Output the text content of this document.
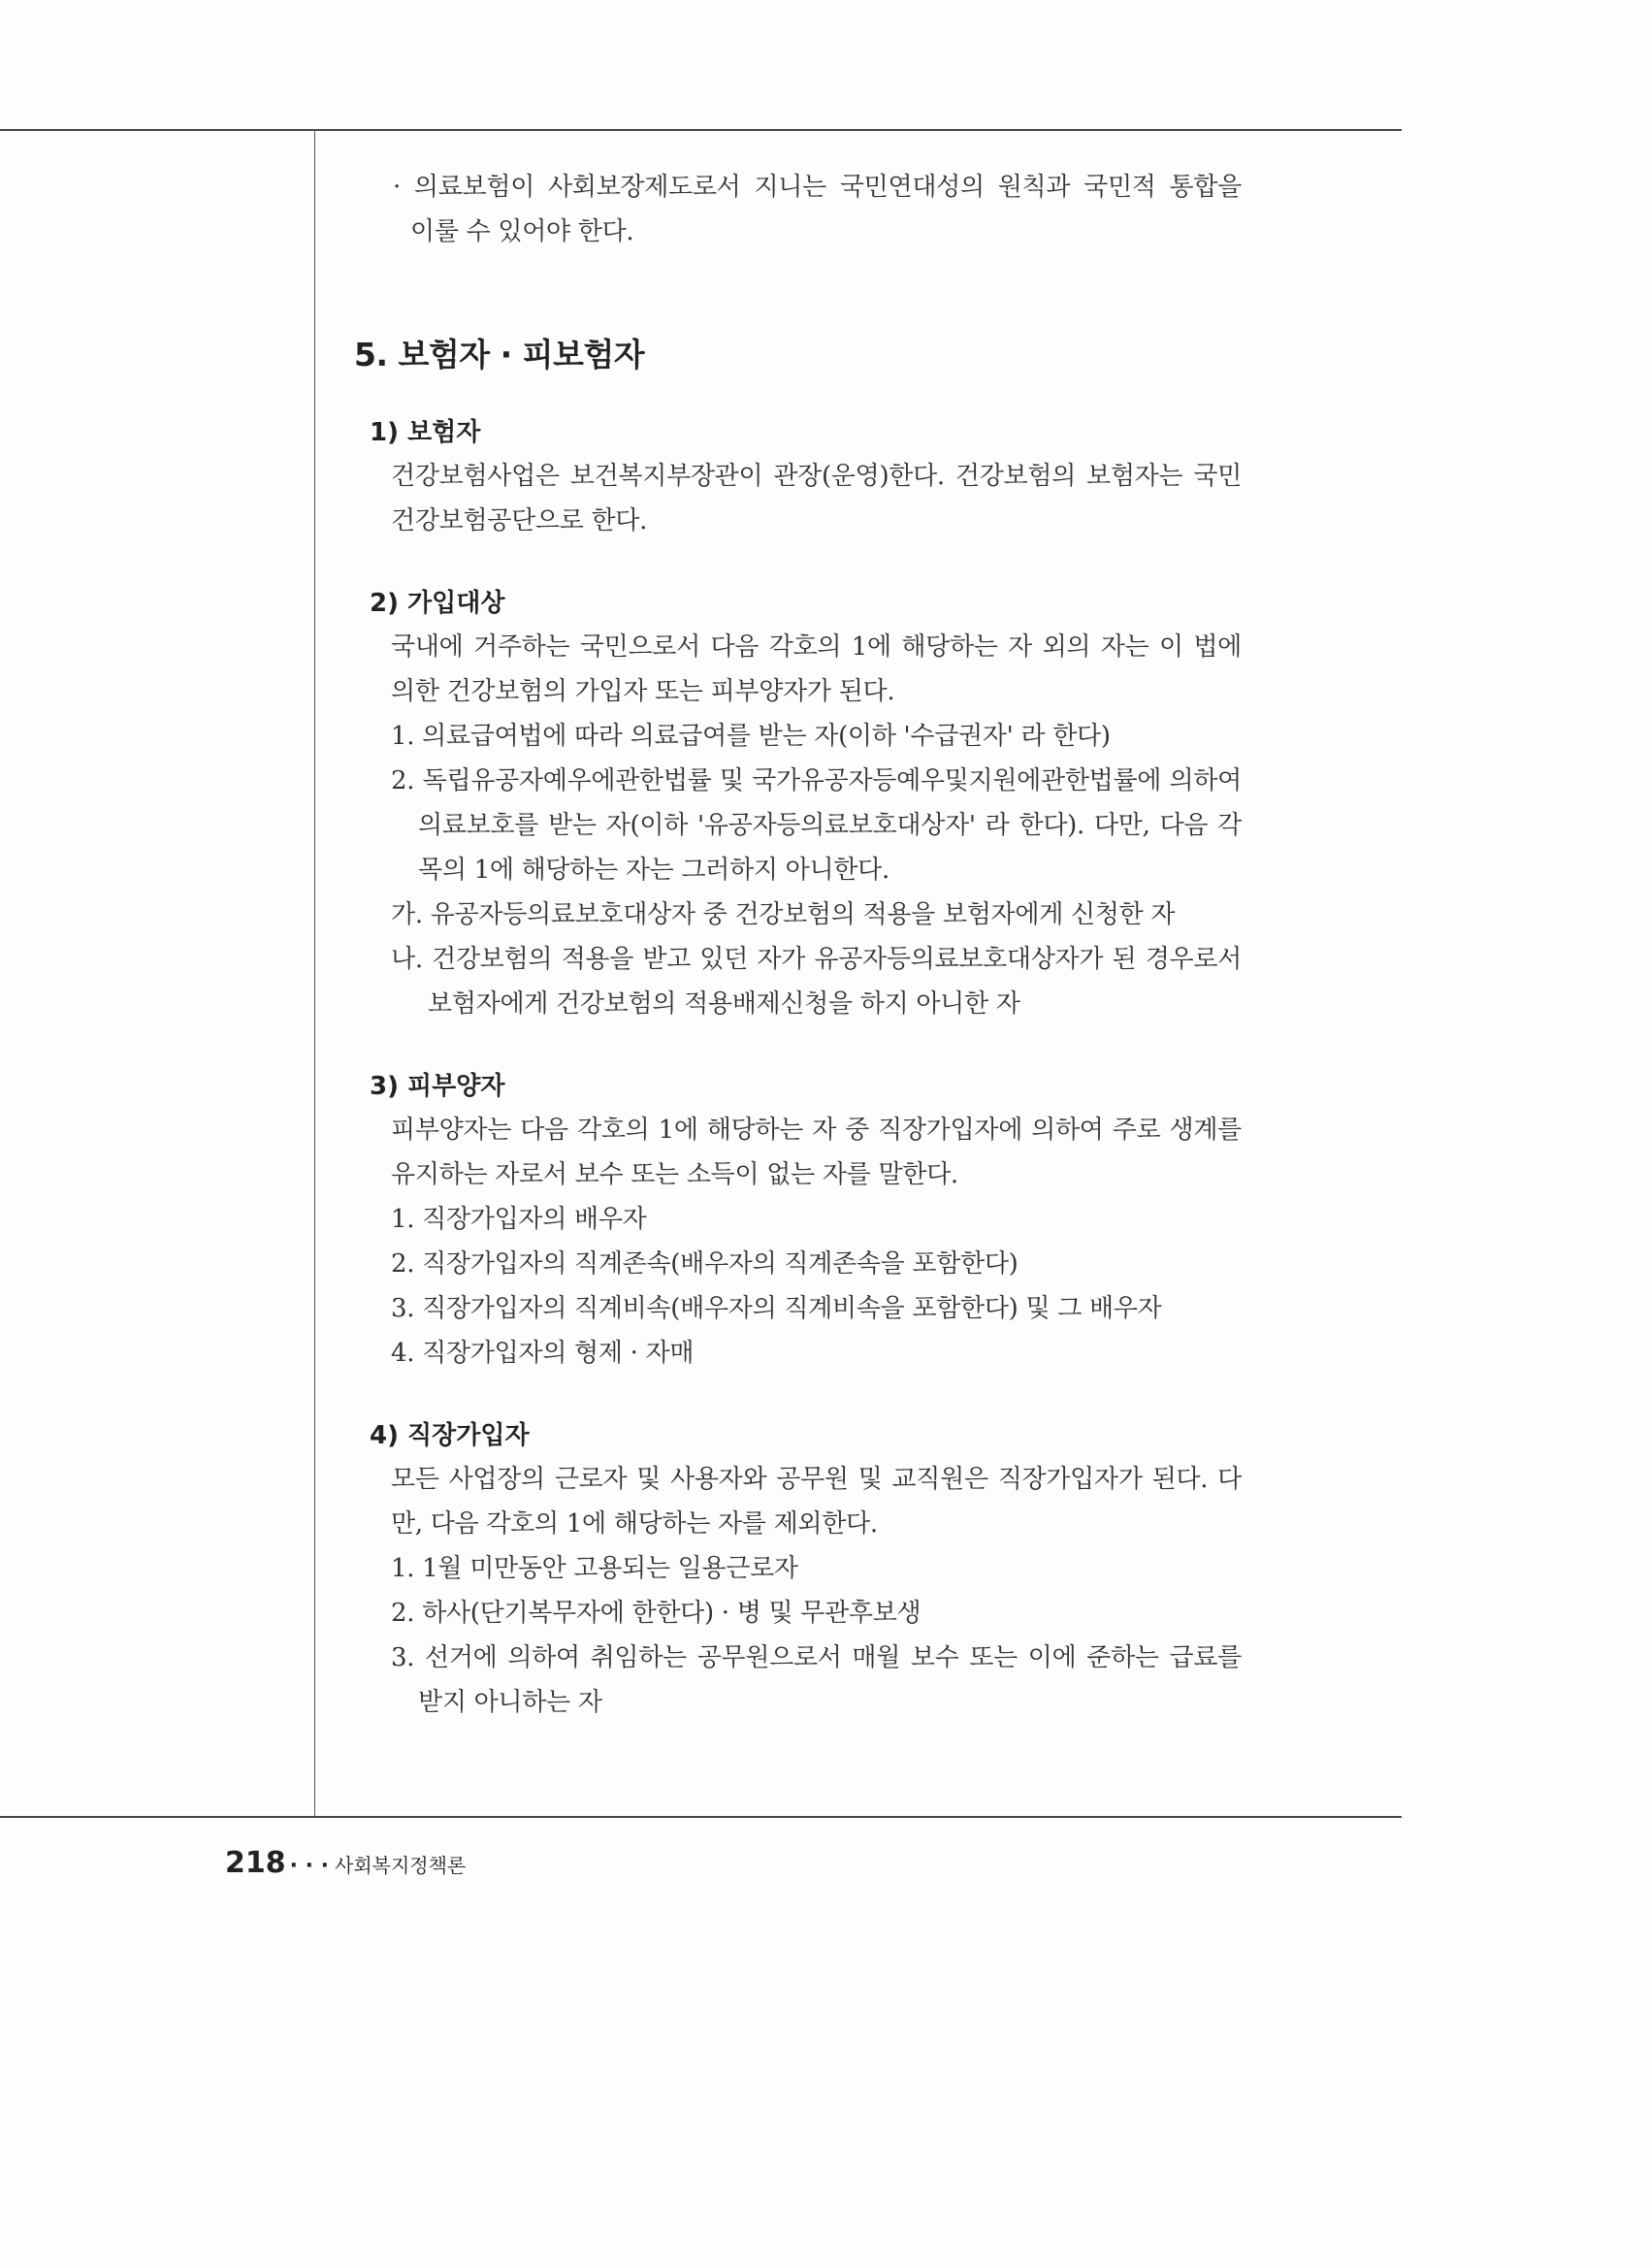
· 의료보험이 사회보장제도로서 지니는 국민연대성의 원칙과 국민적 통합을
이룰 수 있어야 한다.
5. 보험자 · 피보험자
1) 보험자
건강보험사업은 보건복지부장관이 관장(운영)한다. 건강보험의 보험자는 국민
건강보험공단으로 한다.
2) 가입대상
국내에 거주하는 국민으로서 다음 각호의 1에 해당하는 자 외의 자는 이 법에
의한 건강보험의 가입자 또는 피부양자가 된다.
1. 의료급여법에 따라 의료급여를 받는 자(이하 '수급권자' 라 한다)
2. 독립유공자예우에관한법률 및 국가유공자등예우및지원에관한법률에 의하여
의료보호를 받는 자(이하 '유공자등의료보호대상자' 라 한다). 다만, 다음 각
목의 1에 해당하는 자는 그러하지 아니한다.
가. 유공자등의료보호대상자 중 건강보험의 적용을 보험자에게 신청한 자
나. 건강보험의 적용을 받고 있던 자가 유공자등의료보호대상자가 된 경우로서
보험자에게 건강보험의 적용배제신청을 하지 아니한 자
3) 피부양자
피부양자는 다음 각호의 1에 해당하는 자 중 직장가입자에 의하여 주로 생계를
유지하는 자로서 보수 또는 소득이 없는 자를 말한다.
1. 직장가입자의 배우자
2. 직장가입자의 직계존속(배우자의 직계존속을 포함한다)
3. 직장가입자의 직계비속(배우자의 직계비속을 포함한다) 및 그 배우자
4. 직장가입자의 형제 · 자매
4) 직장가입자
모든 사업장의 근로자 및 사용자와 공무원 및 교직원은 직장가입자가 된다. 다
만, 다음 각호의 1에 해당하는 자를 제외한다.
1. 1월 미만동안 고용되는 일용근로자
2. 하사(단기복무자에 한한다) · 병 및 무관후보생
3. 선거에 의하여 취임하는 공무원으로서 매월 보수 또는 이에 준하는 급료를
받지 아니하는 자
218 · · · 사회복지정책론
